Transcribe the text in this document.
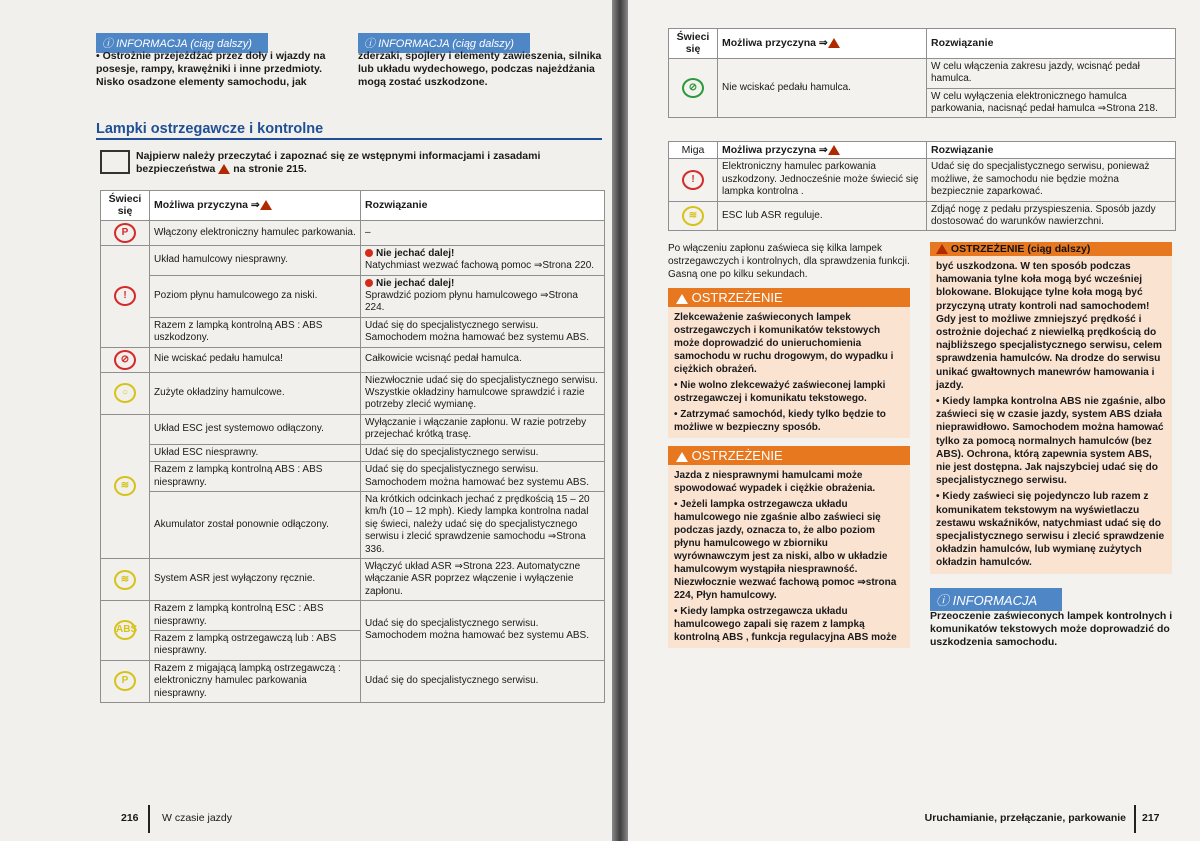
ⓘ INFORMACJA (ciąg dalszy)	ⓘ INFORMACJA (ciąg dalszy)
• Ostrożnie przejeżdżać przez doły i wjazdy na posesje, rampy, krawężniki i inne przedmioty. Nisko osadzone elementy samochodu, jak
zderzaki, spojlery i elementy zawieszenia, silnika lub układu wydechowego, podczas najeżdżania mogą zostać uszkodzone.
Lampki ostrzegawcze i kontrolne
Najpierw należy przeczytać i zapoznać się ze wstępnymi informacjami i zasadami bezpieczeństwa na stronie 215.
Świeci się	Możliwa przyczyna ⇒	Rozwiązanie
P	Włączony elektroniczny hamulec parkowania.	–
!	Układ hamulcowy niesprawny.	Nie jechać dalej!
Natychmiast wezwać fachową pomoc ⇒Strona 220.

	Poziom płynu hamulcowego za niski.	Nie jechać dalej!
Sprawdzić poziom płynu hamulcowego ⇒Strona 224.

	Razem z lampką kontrolną ABS : ABS uszkodzony.	Udać się do specjalistycznego serwisu. Samochodem można hamować bez systemu ABS.
⊘	Nie wciskać pedału hamulca!	Całkowicie wcisnąć pedał hamulca.
○	Zużyte okładziny hamulcowe.	Niezwłocznie udać się do specjalistycznego serwisu. Wszystkie okładziny hamulcowe sprawdzić i razie potrzeby zlecić wymianę.
≋	Układ ESC jest systemowo odłączony.	Wyłączanie i włączanie zapłonu. W razie potrzeby przejechać krótką trasę.
	Układ ESC niesprawny.	Udać się do specjalistycznego serwisu.
	Razem z lampką kontrolną ABS : ABS niesprawny.	Udać się do specjalistycznego serwisu. Samochodem można hamować bez systemu ABS.
	Akumulator został ponownie odłączony.	Na krótkich odcinkach jechać z prędkością 15 – 20 km/h (10 – 12 mph). Kiedy lampka kontrolna nadal się świeci, należy udać się do specjalistycznego serwisu i zlecić sprawdzenie samochodu ⇒Strona 336.
≋	System ASR jest wyłączony ręcznie.	Włączyć układ ASR ⇒Strona 223. Automatyczne włączanie ASR poprzez włączenie i wyłączenie zapłonu.
ABS	Razem z lampką kontrolną ESC : ABS niesprawny.	Udać się do specjalistycznego serwisu. Samochodem można hamować bez systemu ABS.
	Razem z lampką ostrzegawczą lub : ABS niesprawny.	
P	Razem z migającą lampką ostrzegawczą : elektroniczny hamulec parkowania niesprawny.	Udać się do specjalistycznego serwisu.
216 W czasie jazdy
Świeci się	Możliwa przyczyna ⇒	Rozwiązanie
⊘	Nie wciskać pedału hamulca.	W celu włączenia zakresu jazdy, wcisnąć pedał hamulca.
		W celu wyłączenia elektronicznego hamulca parkowania, nacisnąć pedał hamulca ⇒Strona 218.
Miga	Możliwa przyczyna ⇒	Rozwiązanie
!	Elektroniczny hamulec parkowania uszkodzony. Jednocześnie może świecić się lampka kontrolna .	Udać się do specjalistycznego serwisu, ponieważ możliwe, że samochodu nie będzie można bezpiecznie zaparkować.
≋	ESC lub ASR reguluje.	Zdjąć nogę z pedału przyspieszenia. Sposób jazdy dostosować do warunków nawierzchni.
Po włączeniu zapłonu zaświeca się kilka lampek ostrzegawczych i kontrolnych, dla sprawdzenia funkcji. Gasną one po kilku sekundach.
OSTRZEŻENIE
Zlekceważenie zaświeconych lampek ostrzegawczych i komunikatów tekstowych może doprowadzić do unieruchomienia samochodu w ruchu drogowym, do wypadku i ciężkich obrażeń.
• Nie wolno zlekceważyć zaświeconej lampki ostrzegawczej i komunikatu tekstowego.
• Zatrzymać samochód, kiedy tylko będzie to możliwe w bezpieczny sposób.
OSTRZEŻENIE
Jazda z niesprawnymi hamulcami może spowodować wypadek i ciężkie obrażenia.
• Jeżeli lampka ostrzegawcza układu hamulcowego nie zgaśnie albo zaświeci się podczas jazdy, oznacza to, że albo poziom płynu hamulcowego w zbiorniku wyrównawczym jest za niski, albo w układzie hamulcowym wystąpiła niesprawność. Niezwłocznie wezwać fachową pomoc ⇒strona 224, Płyn hamulcowy.
• Kiedy lampka ostrzegawcza układu hamulcowego zapali się razem z lampką kontrolną ABS , funkcja regulacyjna ABS może
OSTRZEŻENIE (ciąg dalszy)
być uszkodzona. W ten sposób podczas hamowania tylne koła mogą być wcześniej blokowane. Blokujące tylne koła mogą być przyczyną utraty kontroli nad samochodem! Gdy jest to możliwe zmniejszyć prędkość i ostrożnie dojechać z niewielką prędkością do najbliższego specjalistycznego serwisu, celem sprawdzenia hamulców. Na drodze do serwisu unikać gwałtownych manewrów hamowania i jazdy.
• Kiedy lampka kontrolna ABS nie zgaśnie, albo zaświeci się w czasie jazdy, system ABS działa nieprawidłowo. Samochodem można hamować tylko za pomocą normalnych hamulców (bez ABS). Ochrona, którą zapewnia system ABS, nie jest dostępna. Jak najszybciej udać się do specjalistycznego serwisu.
• Kiedy zaświeci się pojedynczo lub razem z komunikatem tekstowym na wyświetlaczu zestawu wskaźników, natychmiast udać się do specjalistycznego serwisu i zlecić sprawdzenie okładzin hamulców, lub wymianę zużytych okładzin hamulców.
ⓘ INFORMACJA
Przeoczenie zaświeconych lampek kontrolnych i komunikatów tekstowych może doprowadzić do uszkodzenia samochodu.
Uruchamianie, przełączanie, parkowanie 217
